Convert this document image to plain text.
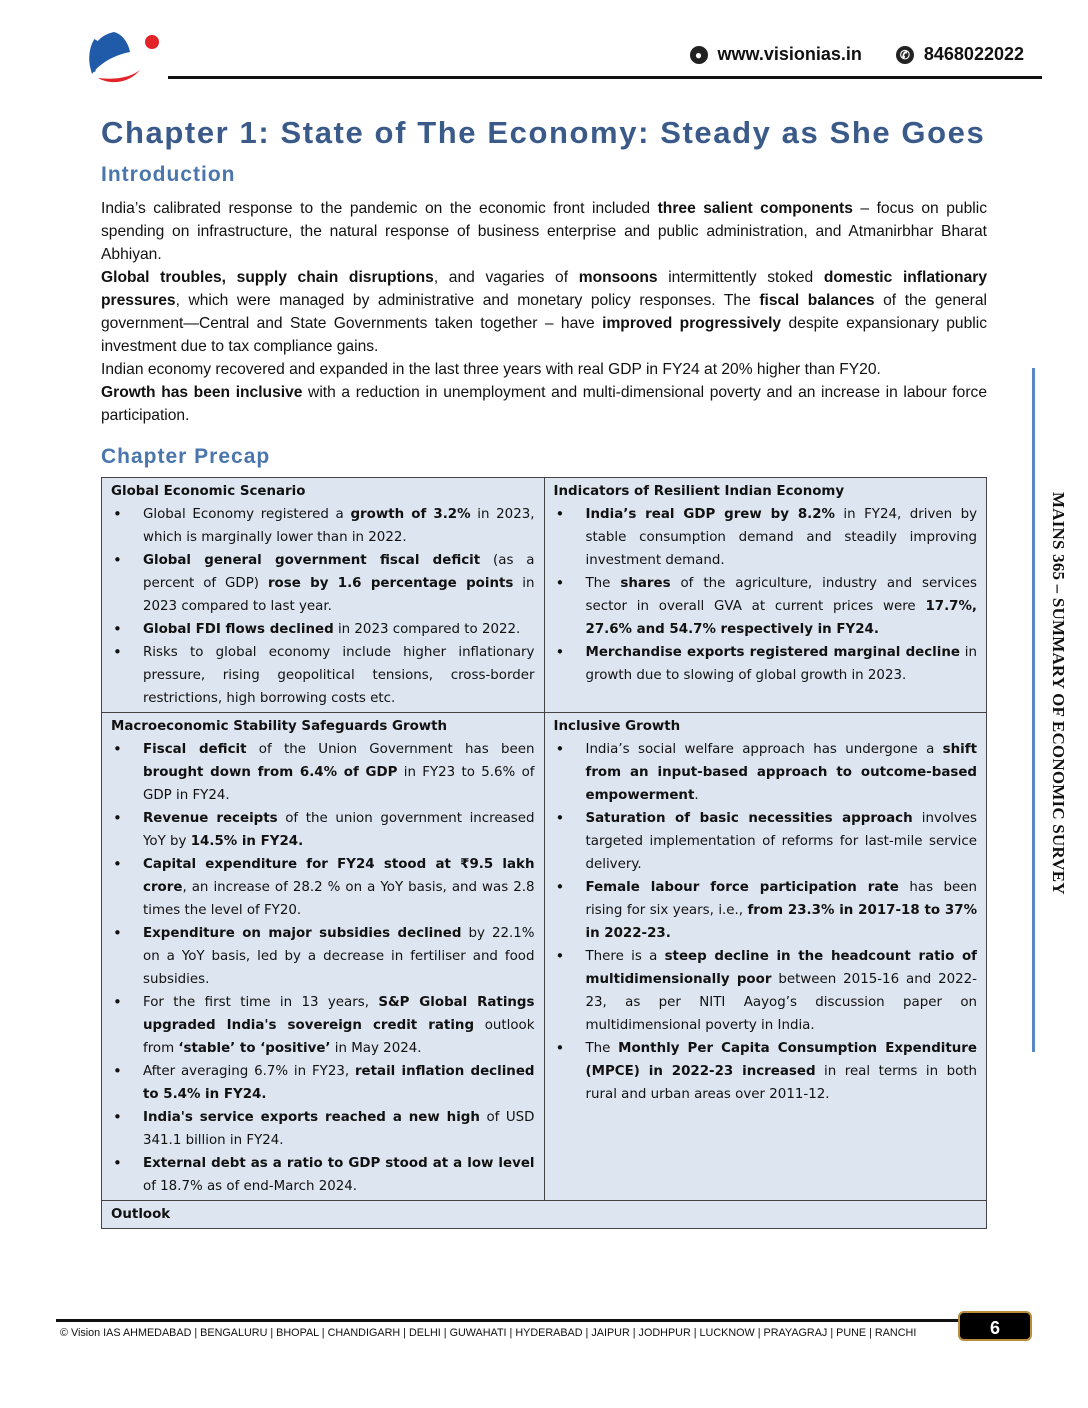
● www.visionias.in	✆ 8468022022
Chapter 1: State of The Economy: Steady as She Goes
Introduction

India’s calibrated response to the pandemic on the economic front included three salient components – focus on public spending on infrastructure, the natural response of business enterprise and public administration, and Atmanirbhar Bharat Abhiyan.

Global troubles, supply chain disruptions, and vagaries of monsoons intermittently stoked domestic inflationary pressures, which were managed by administrative and monetary policy responses. The fiscal balances of the general government—Central and State Governments taken together – have improved progressively despite expansionary public investment due to tax compliance gains.

Indian economy recovered and expanded in the last three years with real GDP in FY24 at 20% higher than FY20.

Growth has been inclusive with a reduction in unemployment and multi-dimensional poverty and an increase in labour force participation.

Chapter Precap
Global Economic Scenario
• Global Economy registered a growth of 3.2% in 2023, which is marginally lower than in 2022.
• Global general government fiscal deficit (as a percent of GDP) rose by 1.6 percentage points in 2023 compared to last year.
• Global FDI flows declined in 2023 compared to 2022.
• Risks to global economy include higher inflationary pressure, rising geopolitical tensions, cross-border restrictions, high borrowing costs etc.

Indicators of Resilient Indian Economy
• India’s real GDP grew by 8.2% in FY24, driven by stable consumption demand and steadily improving investment demand.
• The shares of the agriculture, industry and services sector in overall GVA at current prices were 17.7%, 27.6% and 54.7% respectively in FY24.
• Merchandise exports registered marginal decline in growth due to slowing of global growth in 2023.

Macroeconomic Stability Safeguards Growth
• Fiscal deficit of the Union Government has been brought down from 6.4% of GDP in FY23 to 5.6% of GDP in FY24.
• Revenue receipts of the union government increased YoY by 14.5% in FY24.
• Capital expenditure for FY24 stood at ₹9.5 lakh crore, an increase of 28.2 % on a YoY basis, and was 2.8 times the level of FY20.
• Expenditure on major subsidies declined by 22.1% on a YoY basis, led by a decrease in fertiliser and food subsidies.
• For the first time in 13 years, S&P Global Ratings upgraded India's sovereign credit rating outlook from ‘stable’ to ‘positive’ in May 2024.
• After averaging 6.7% in FY23, retail inflation declined to 5.4% in FY24.
• India's service exports reached a new high of USD 341.1 billion in FY24.
• External debt as a ratio to GDP stood at a low level of 18.7% as of end-March 2024.

Inclusive Growth
• India’s social welfare approach has undergone a shift from an input-based approach to outcome-based empowerment.
• Saturation of basic necessities approach involves targeted implementation of reforms for last-mile service delivery.
• Female labour force participation rate has been rising for six years, i.e., from 23.3% in 2017-18 to 37% in 2022-23.
• There is a steep decline in the headcount ratio of multidimensionally poor between 2015-16 and 2022-23, as per NITI Aayog’s discussion paper on multidimensional poverty in India.
• The Monthly Per Capita Consumption Expenditure (MPCE) in 2022-23 increased in real terms in both rural and urban areas over 2011-12.

Outlook	
MAINS 365 – SUMMARY OF ECONOMIC SURVEY
© Vision IAS AHMEDABAD | BENGALURU | BHOPAL | CHANDIGARH | DELHI | GUWAHATI | HYDERABAD | JAIPUR | JODHPUR | LUCKNOW | PRAYAGRAJ | PUNE | RANCHI	6
